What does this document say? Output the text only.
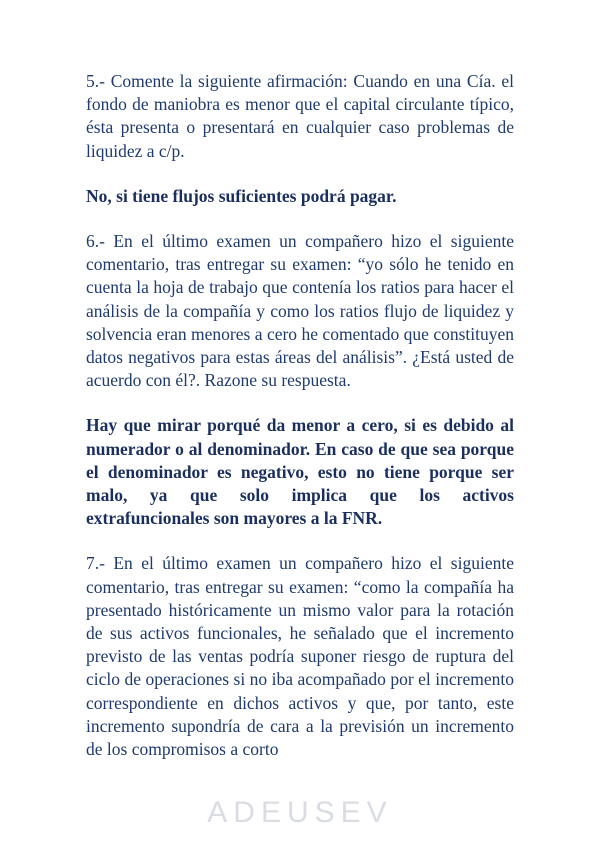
5.- Comente la siguiente afirmación: Cuando en una Cía. el fondo de maniobra es menor que el capital circulante típico, ésta presenta o presentará en cualquier caso problemas de liquidez a c/p.

No, si tiene flujos suficientes podrá pagar.

6.- En el último examen un compañero hizo el siguiente comentario, tras entregar su examen: “yo sólo he tenido en cuenta la hoja de trabajo que contenía los ratios para hacer el análisis de la compañía y como los ratios flujo de liquidez y solvencia eran menores a cero he comentado que constituyen datos negativos para estas áreas del análisis”. ¿Está usted de acuerdo con él?. Razone su respuesta.

Hay que mirar porqué da menor a cero, si es debido al numerador o al denominador. En caso de que sea porque el denominador es negativo, esto no tiene porque ser malo, ya que solo implica que los activos extrafuncionales son mayores a la FNR.

7.- En el último examen un compañero hizo el siguiente comentario, tras entregar su examen: “como la compañía ha presentado históricamente un mismo valor para la rotación de sus activos funcionales, he señalado que el incremento previsto de las ventas podría suponer riesgo de ruptura del ciclo de operaciones si no iba acompañado por el incremento correspondiente en dichos activos y que, por tanto, este incremento supondría de cara a la previsión un incremento de los compromisos a corto

ADEUSEV
